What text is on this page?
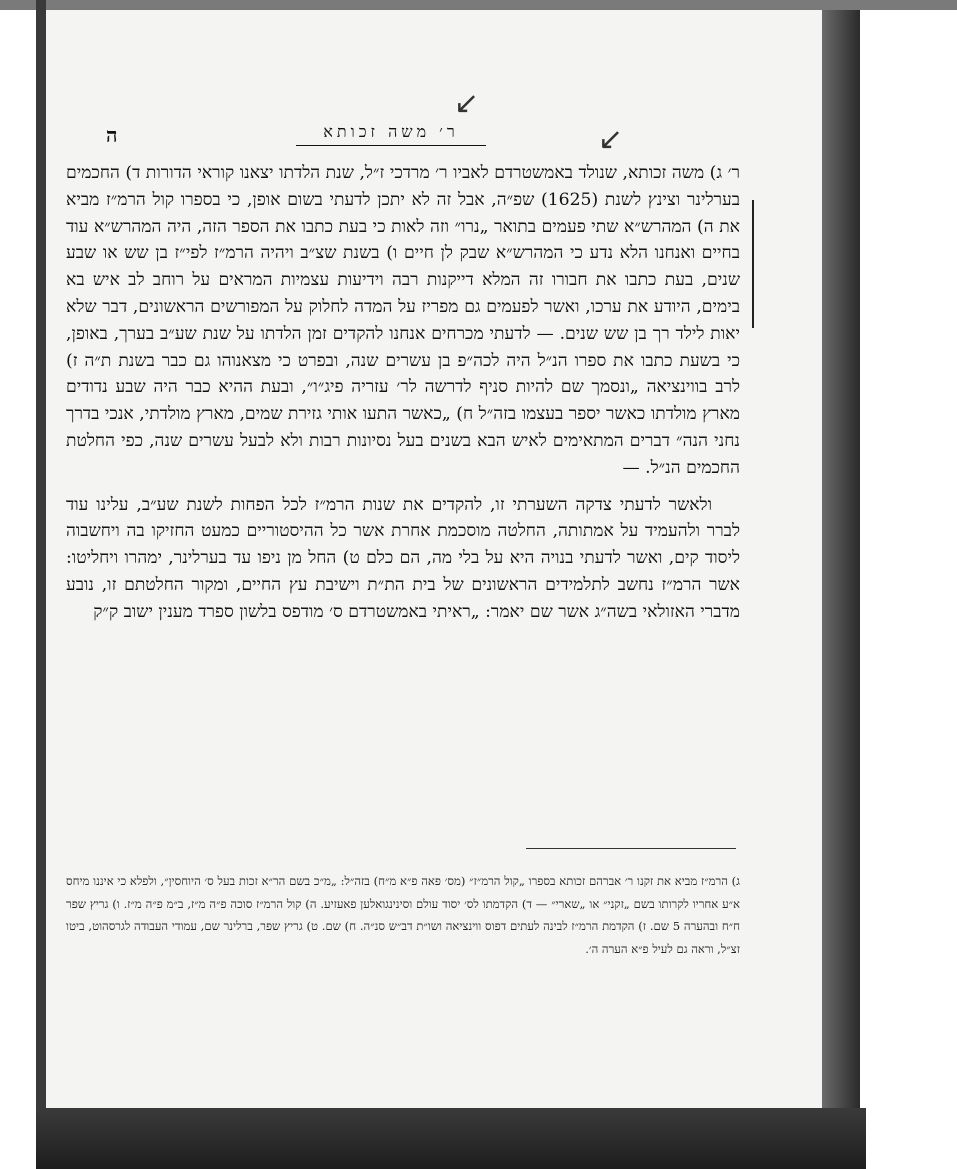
ה	ר׳ משה זכותא
↙
↙

ר׳ ג) משה זכותא, שנולד באמשטרדם לאביו ר׳ מרדכי ז״ל, שנת הלדתו יצאנו קוראי הדורות ד) החכמים בערלינר וצינץ לשנת (1625) שפ״ה, אבל זה לא יתכן לדעתי בשום אופן, כי בספרו קול הרמ״ז מביא את ה) המהרש״א שתי פעמים בתואר „נרו״ וזה לאות כי בעת כתבו את הספר הזה, היה המהרש״א עוד בחיים ואנחנו הלא נדע כי המהרש״א שבק לן חיים ו) בשנת שצ״ב ויהיה הרמ״ז לפי״ז בן שש או שבע שנים, בעת כתבו את חבורו זה המלא דייקנות רבה וידיעות עצמיות המראים על רוחב לב איש בא בימים, היודע את ערכו, ואשר לפעמים גם מפריז על המדה לחלוק על המפורשים הראשונים, דבר שלא יאות לילד רך בן שש שנים. — לדעתי מכרחים אנחנו להקדים זמן הלדתו על שנת שע״ב בערך, באופן, כי בשעת כתבו את ספרו הנ״ל היה לכה״פ בן עשרים שנה, ובפרט כי מצאנוהו גם כבר בשנת ת״ה ז) לרב בווינציאה „ונסמך שם להיות סניף לדרשה לר׳ עזריה פיג״ו״, ובעת ההיא כבר היה שבע נדודים מארץ מולדתו כאשר יספר בעצמו בזה״ל ח) „כאשר התעו אותי גזירת שמים, מארץ מולדתי, אנכי בדרך נחני הנה״ דברים המתאימים לאיש הבא בשנים בעל נסיונות רבות ולא לבעל עשרים שנה, כפי החלטת החכמים הנ״ל. —

ולאשר לדעתי צדקה השערתי זו, להקדים את שנות הרמ״ז לכל הפחות לשנת שע״ב, עלינו עוד לברר ולהעמיד על אמתותה, החלטה מוסכמת אחרת אשר כל ההיסטוריים כמעט החזיקו בה ויחשבוה ליסוד קים, ואשר לדעתי בנויה היא על בלי מה, הם כלם ט) החל מן ניפו עד בערלינר, ימהרו ויחליטו: אשר הרמ״ז נחשב לתלמידים הראשונים של בית הת״ת וישיבת עץ החיים, ומקור החלטתם זו, נובע מדברי האזולאי בשה״ג אשר שם יאמר: „ראיתי באמשטרדם ס׳ מודפס בלשון ספרד מענין ישוב ק״ק

ג) הרמ״ז מביא את זקנו ר׳ אברהם זכותא בספרו „קול הרמ״ז״ (מס׳ פאה פ״א מ״ח) בזה״ל: „מ״כ בשם הר״א זכות בעל ס׳ היוחסין״, ולפלא כי איננו מיחס א״ע אחריו לקרותו בשם „זקני״ או „שארי״ — ד) הקדמתו לס׳ יסוד עולם וסינינגואלען פאעזיע. ה) קול הרמ״ז סוכה פ״ה מ״ז, ב״מ פ״ה מ״ז. ו) גריץ שפר ח״ח ובהערה 5 שם. ז) הקדמת הרמ״ז לבינה לעתים דפוס ווינציאה ושו״ת דב״ש סנ״ה. ח) שם. ט) גריץ שפר, ברלינר שם, עמודי העבודה לגרסהוט, ביטו זצ״ל, וראה גם לעיל פ״א הערה ה׳.
